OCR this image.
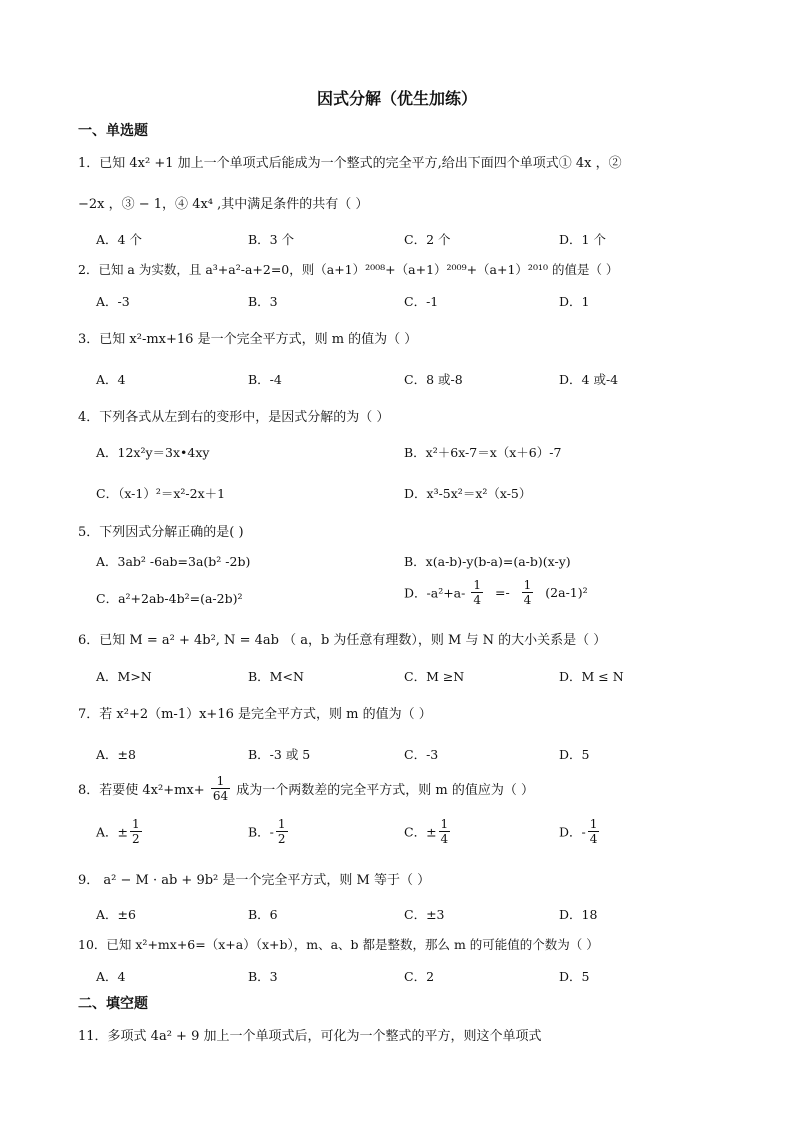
因式分解（优生加练）
一、单选题
1．已知 4x² +1 加上一个单项式后能成为一个整式的完全平方,给出下面四个单项式① 4x ，②
−2x ，③ − 1，④ 4x⁴ ,其中满足条件的共有（ ）
A．4 个	B．3 个	C．2 个	D．1 个
2．已知 a 为实数，且 a³+a²-a+2=0，则（a+1）²⁰⁰⁸+（a+1）²⁰⁰⁹+（a+1）²⁰¹⁰ 的值是（ ）
A．-3	B．3	C．-1	D．1
3．已知 x²-mx+16 是一个完全平方式，则 m 的值为（ ）
A．4	B．-4	C．8 或-8	D．4 或-4
4．下列各式从左到右的变形中，是因式分解的为（ ）
A．12x²y＝3x•4xy	B．x²＋6x-7＝x（x＋6）-7
C．（x-1）²＝x²-2x＋1	D．x³-5x²＝x²（x-5）
5．下列因式分解正确的是( )
A．3ab² -6ab=3a(b² -2b)	B．x(a-b)-y(b-a)=(a-b)(x-y)
C．a²+2ab-4b²=(a-2b)²	D．$-a^2+a- \frac{1}{4} =- \frac{1}{4} (2a-1)^2$
6．已知 M = a² + 4b², N = 4ab （ a，b 为任意有理数），则 M 与 N 的大小关系是（ ）
A．M>N	B．M<N	C．M ≥N	D．M ≤ N
7．若 x²+2（m-1）x+16 是完全平方式，则 m 的值为（ ）
A．±8	B．-3 或 5	C．-3	D．5
8．若要使 $4x^2+mx+ \frac{1}{64}$ 成为一个两数差的完全平方式，则 m 的值应为（ ）
A．± $\frac{1}{2}$	B．- $\frac{1}{2}$	C．± $\frac{1}{4}$	D．- $\frac{1}{4}$
9． a² − M · ab + 9b² 是一个完全平方式，则 M 等于（ ）
A．±6	B．6	C．±3	D．18
10．已知 x²+mx+6=（x+a）（x+b），m、a、b 都是整数，那么 m 的可能值的个数为（ ）
A．4	B．3	C．2	D．5
二、填空题
11．多项式 4a² + 9 加上一个单项式后，可化为一个整式的平方，则这个单项式
